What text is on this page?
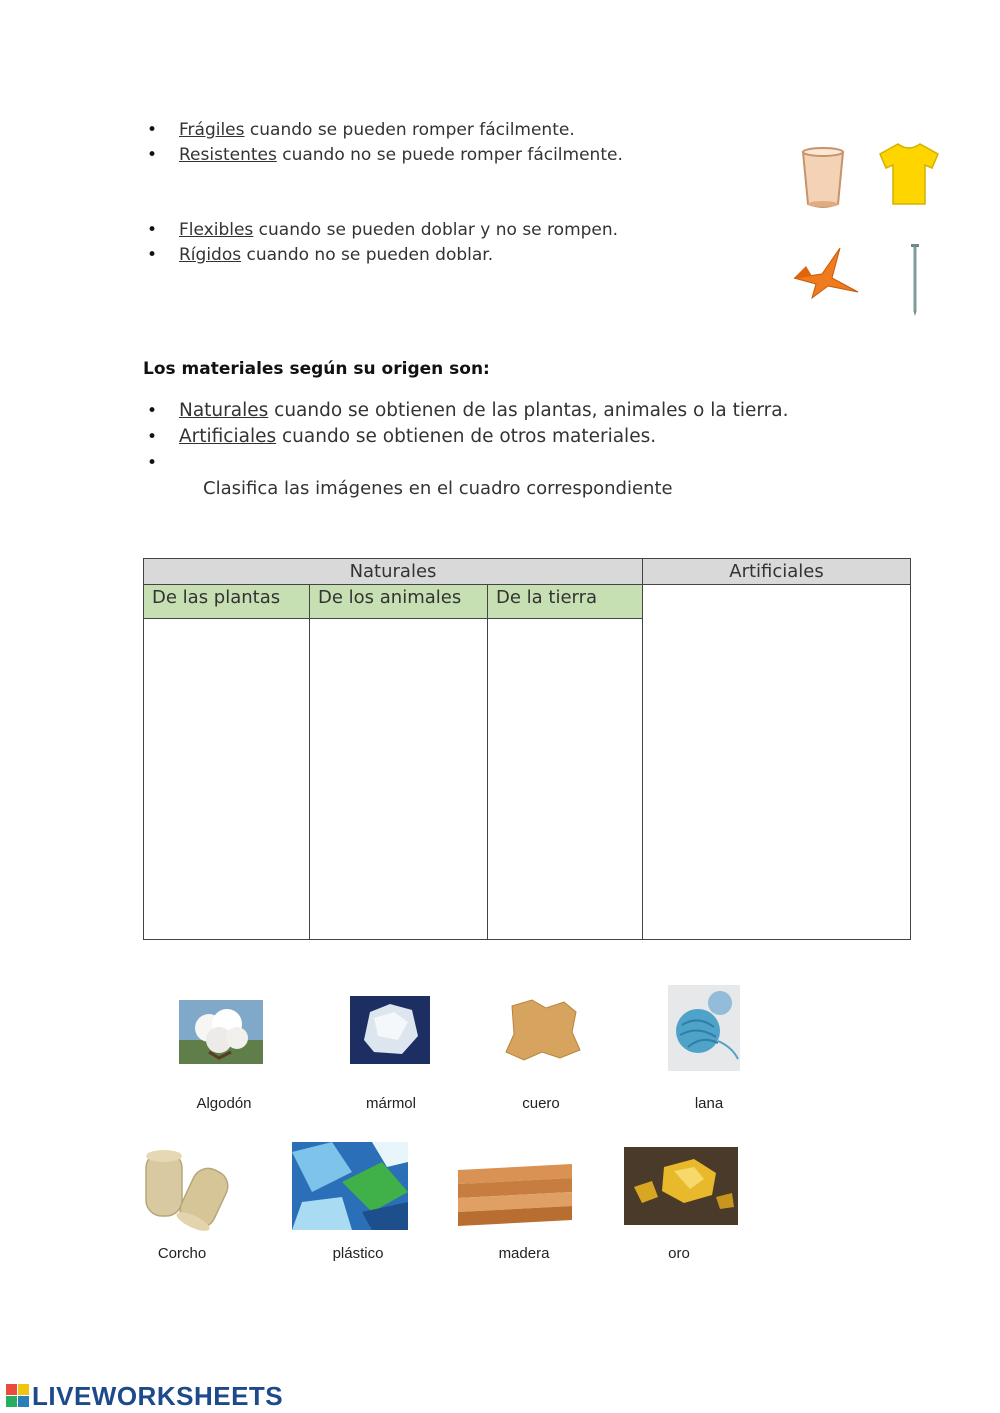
• Frágiles cuando se pueden romper fácilmente.
• Resistentes cuando no se puede romper fácilmente.
• Flexibles cuando se pueden doblar y no se rompen.
• Rígidos cuando no se pueden doblar.
Los materiales según su origen son:
• Naturales cuando se obtienen de las plantas, animales o la tierra.
• Artificiales cuando se obtienen de otros materiales.
Clasifica las imágenes en el cuadro correspondiente
Naturales	Artificiales
De las plantas	De los animales	De la tierra
Algodón	mármol	cuero	lana
Corcho	plástico	madera	oro
LIVEWORKSHEETS
